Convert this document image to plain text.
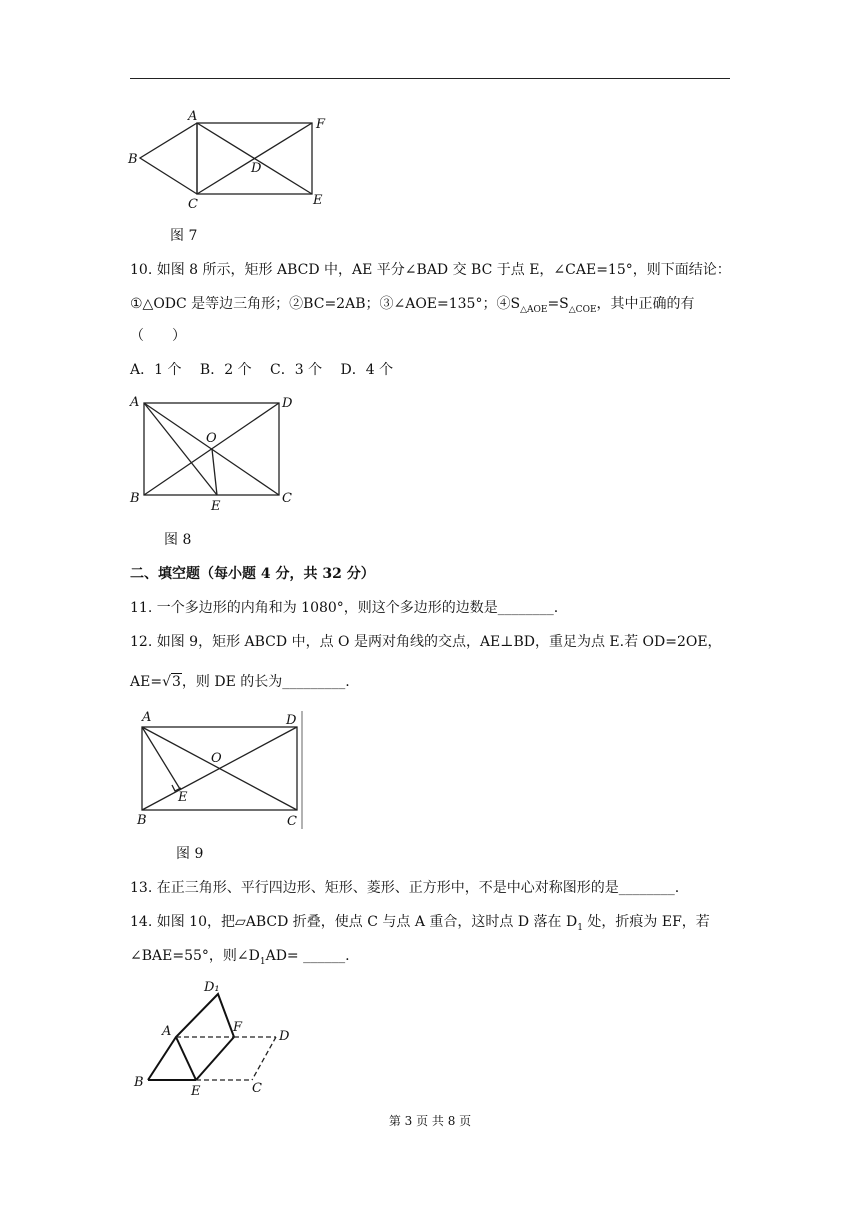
A
B
C
D
E
F
图 7
10. 如图 8 所示，矩形 ABCD 中，AE 平分∠BAD 交 BC 于点 E，∠CAE=15°，则下面结论：
①△ODC 是等边三角形；②BC=2AB；③∠AOE=135°；$④S_{\triangle AOE}=S_{\triangle COE}$，其中正确的有
（　　）
A．1 个　 B．2 个　 C．3 个　 D．4 个
A	D
O
B	C
E
图 8
二、填空题（每小题 4 分，共 32 分）
11. 一个多边形的内角和为 1080°，则这个多边形的边数是________.
12. 如图 9，矩形 ABCD 中，点 O 是两对角线的交点，AE⊥BD，重足为点 E.若 OD=2OE，
AE=√3，则 DE 的长为_________.
A	D
O
E
B	C
图 9
13. 在正三角形、平行四边形、矩形、菱形、正方形中，不是中心对称图形的是________.
14. 如图 10，把▱ABCD 折叠，使点 C 与点 A 重合，这时点 D 落在 $D_1$ 处，折痕为 EF，若
∠BAE=55°，则$\angle D_1AD=$ ______.
D₁
A	F
D
B
E	C
第 3 页 共 8 页
